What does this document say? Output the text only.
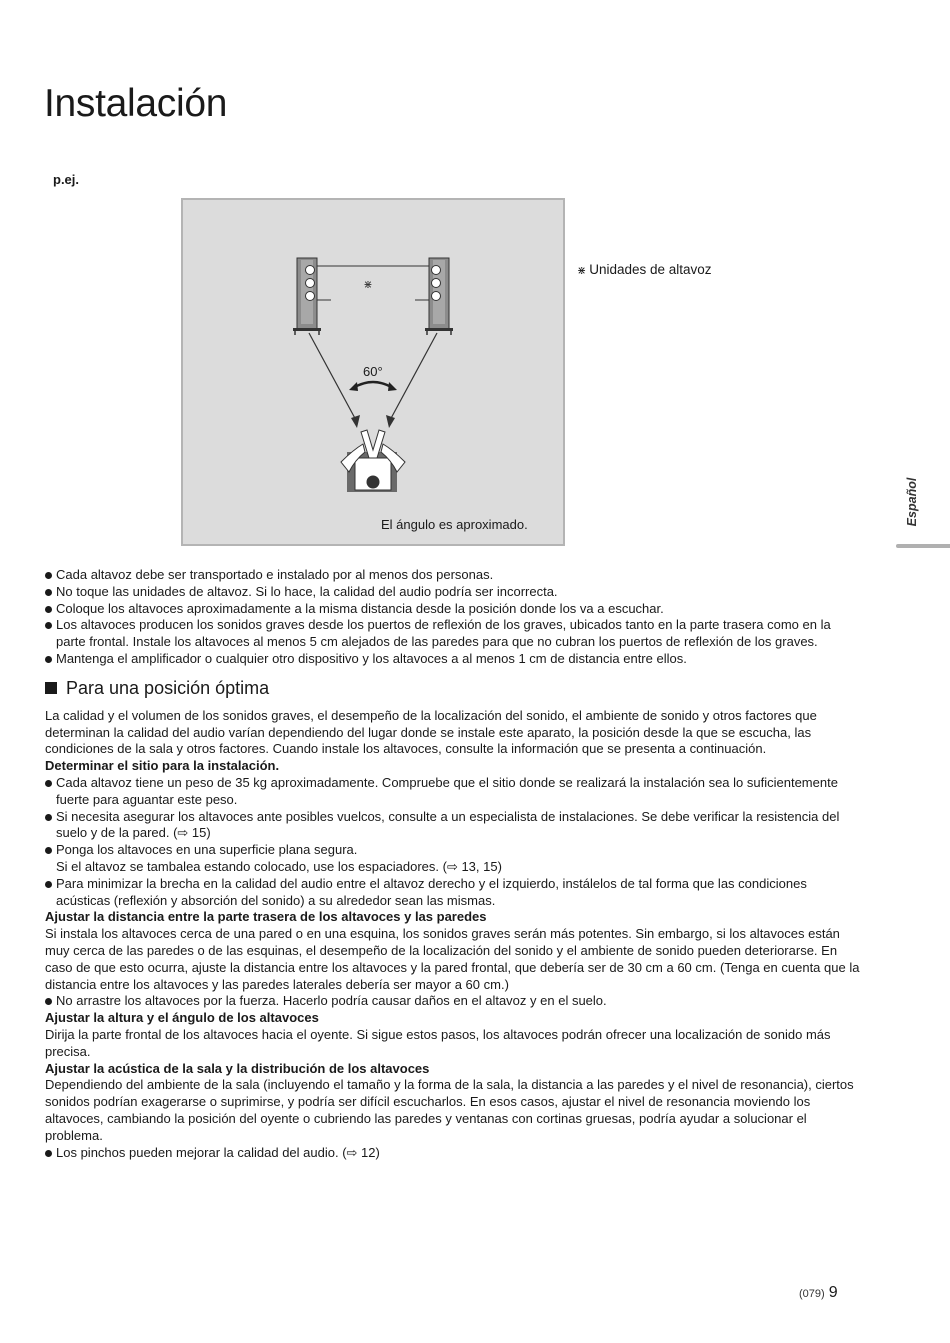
Instalación
p.ej.
⋇
60°
El ángulo es aproximado.
⋇ Unidades de altavoz
Español

Cada altavoz debe ser transportado e instalado por al menos dos personas.

No toque las unidades de altavoz. Si lo hace, la calidad del audio podría ser incorrecta.

Coloque los altavoces aproximadamente a la misma distancia desde la posición donde los va a escuchar.

Los altavoces producen los sonidos graves desde los puertos de reflexión de los graves, ubicados tanto en la parte trasera como en la parte frontal. Instale los altavoces al menos 5 cm alejados de las paredes para que no cubran los puertos de reflexión de los graves.

Mantenga el amplificador o cualquier otro dispositivo y los altavoces a al menos 1 cm de distancia entre ellos.

Para una posición óptima

La calidad y el volumen de los sonidos graves, el desempeño de la localización del sonido, el ambiente de sonido y otros factores que determinan la calidad del audio varían dependiendo del lugar donde se instale este aparato, la posición desde la que se escucha, las condiciones de la sala y otros factores. Cuando instale los altavoces, consulte la información que se presenta a continuación.

Determinar el sitio para la instalación.

Cada altavoz tiene un peso de 35 kg aproximadamente. Compruebe que el sitio donde se realizará la instalación sea lo suficientemente fuerte para aguantar este peso.

Si necesita asegurar los altavoces ante posibles vuelcos, consulte a un especialista de instalaciones. Se debe verificar la resistencia del suelo y de la pared. (⇨ 15)

Ponga los altavoces en una superficie plana segura.

Si el altavoz se tambalea estando colocado, use los espaciadores. (⇨ 13, 15)

Para minimizar la brecha en la calidad del audio entre el altavoz derecho y el izquierdo, instálelos de tal forma que las condiciones acústicas (reflexión y absorción del sonido) a su alrededor sean las mismas.

Ajustar la distancia entre la parte trasera de los altavoces y las paredes

Si instala los altavoces cerca de una pared o en una esquina, los sonidos graves serán más potentes. Sin embargo, si los altavoces están muy cerca de las paredes o de las esquinas, el desempeño de la localización del sonido y el ambiente de sonido pueden deteriorarse. En caso de que esto ocurra, ajuste la distancia entre los altavoces y la pared frontal, que debería ser de 30 cm a 60 cm. (Tenga en cuenta que la distancia entre los altavoces y las paredes laterales debería ser mayor a 60 cm.)

No arrastre los altavoces por la fuerza. Hacerlo podría causar daños en el altavoz y en el suelo.

Ajustar la altura y el ángulo de los altavoces

Dirija la parte frontal de los altavoces hacia el oyente. Si sigue estos pasos, los altavoces podrán ofrecer una localización de sonido más precisa.

Ajustar la acústica de la sala y la distribución de los altavoces

Dependiendo del ambiente de la sala (incluyendo el tamaño y la forma de la sala, la distancia a las paredes y el nivel de resonancia), ciertos sonidos podrían exagerarse o suprimirse, y podría ser difícil escucharlos. En esos casos, ajustar el nivel de resonancia moviendo los altavoces, cambiando la posición del oyente o cubriendo las paredes y ventanas con cortinas gruesas, podría ayudar a solucionar el problema.

Los pinchos pueden mejorar la calidad del audio. (⇨ 12)

(079) 9
